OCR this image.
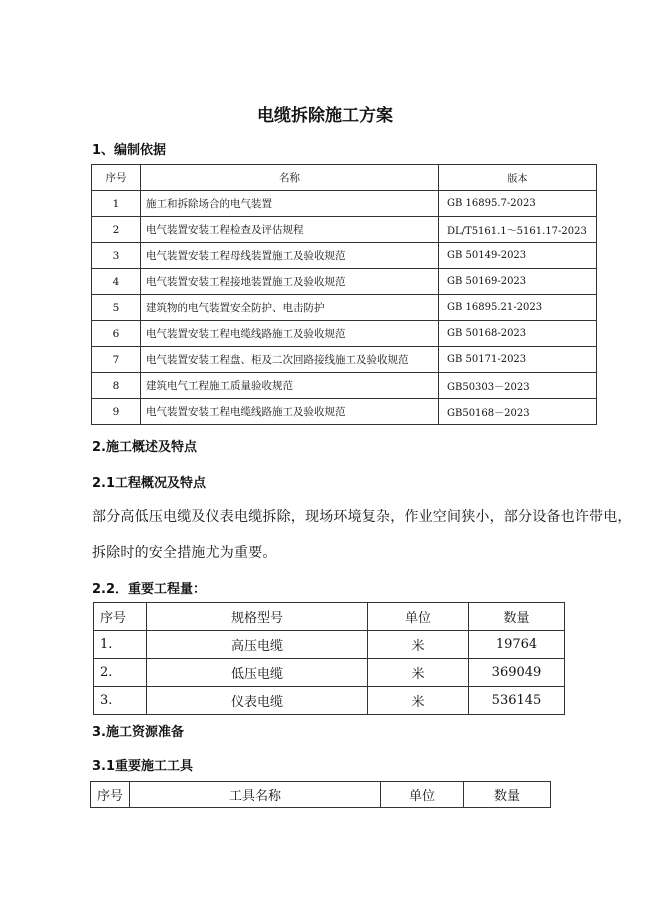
电缆拆除施工方案
1、编制依据
序号	名称	版本
1	施工和拆除场合的电气装置	GB 16895.7-2023
2	电气装置安装工程检查及评估规程	DL/T5161.1～5161.17-2023
3	电气装置安装工程母线装置施工及验收规范	GB 50149-2023
4	电气装置安装工程接地装置施工及验收规范	GB 50169-2023
5	建筑物的电气装置安全防护、电击防护	GB 16895.21-2023
6	电气装置安装工程电缆线路施工及验收规范	GB 50168-2023
7	电气装置安装工程盘、柜及二次回路接线施工及验收规范	GB 50171-2023
8	建筑电气工程施工质量验收规范	GB50303－2023
9	电气装置安装工程电缆线路施工及验收规范	GB50168－2023
2.施工概述及特点
2.1工程概况及特点
部分高低压电缆及仪表电缆拆除，现场环境复杂，作业空间狭小，部分设备也许带电，
拆除时的安全措施尤为重要。
2.2．重要工程量：
序号	规格型号	单位	数量
1.	高压电缆	米	19764
2.	低压电缆	米	369049
3.	仪表电缆	米	536145
3.施工资源准备
3.1重要施工工具
序号	工具名称	单位	数量
